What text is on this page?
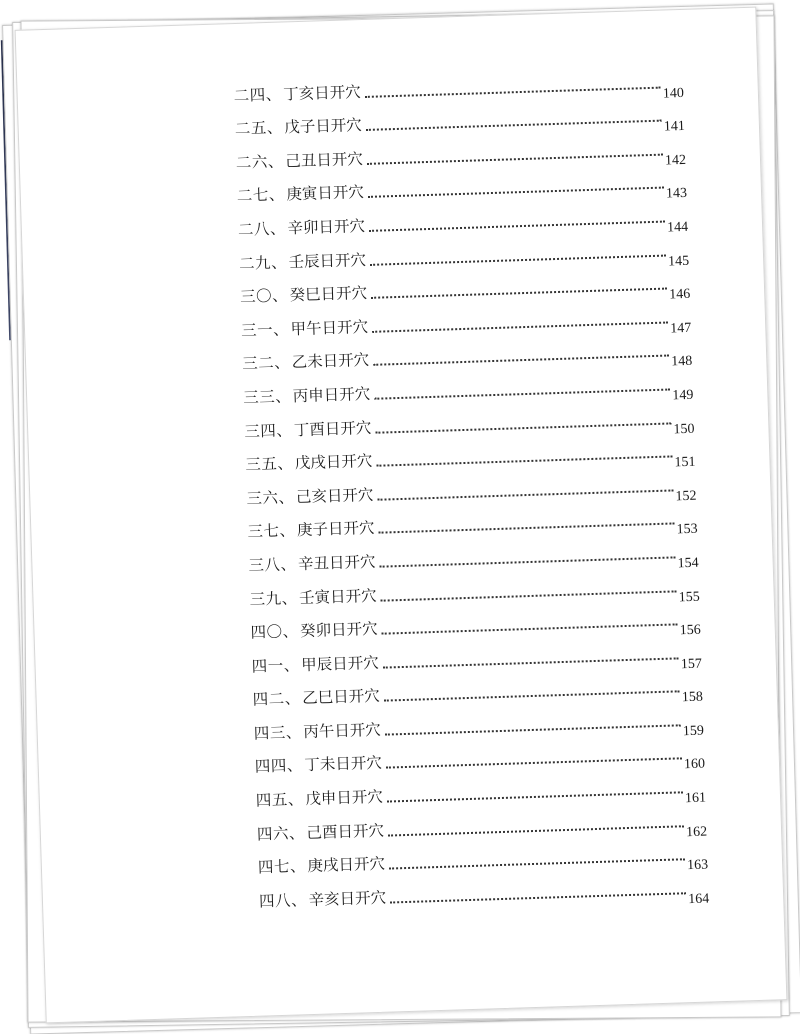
二四 、 丁亥日开穴	140
二五 、 戊子日开穴	141
二六 、 己丑日开穴	142
二七 、 庚寅日开穴	143
二八 、 辛卯日开穴	144
二九 、 壬辰日开穴	145
三〇 、 癸巳日开穴	146
三一 、 甲午日开穴	147
三二 、 乙未日开穴	148
三三 、 丙申日开穴	149
三四 、 丁酉日开穴	150
三五 、 戊戌日开穴	151
三六 、 己亥日开穴	152
三七 、 庚子日开穴	153
三八 、 辛丑日开穴	154
三九 、 壬寅日开穴	155
四〇 、 癸卯日开穴	156
四一 、 甲辰日开穴	157
四二 、 乙巳日开穴	158
四三 、 丙午日开穴	159
四四 、 丁未日开穴	160
四五 、 戊申日开穴	161
四六 、 己酉日开穴	162
四七 、 庚戌日开穴	163
四八 、 辛亥日开穴	164
